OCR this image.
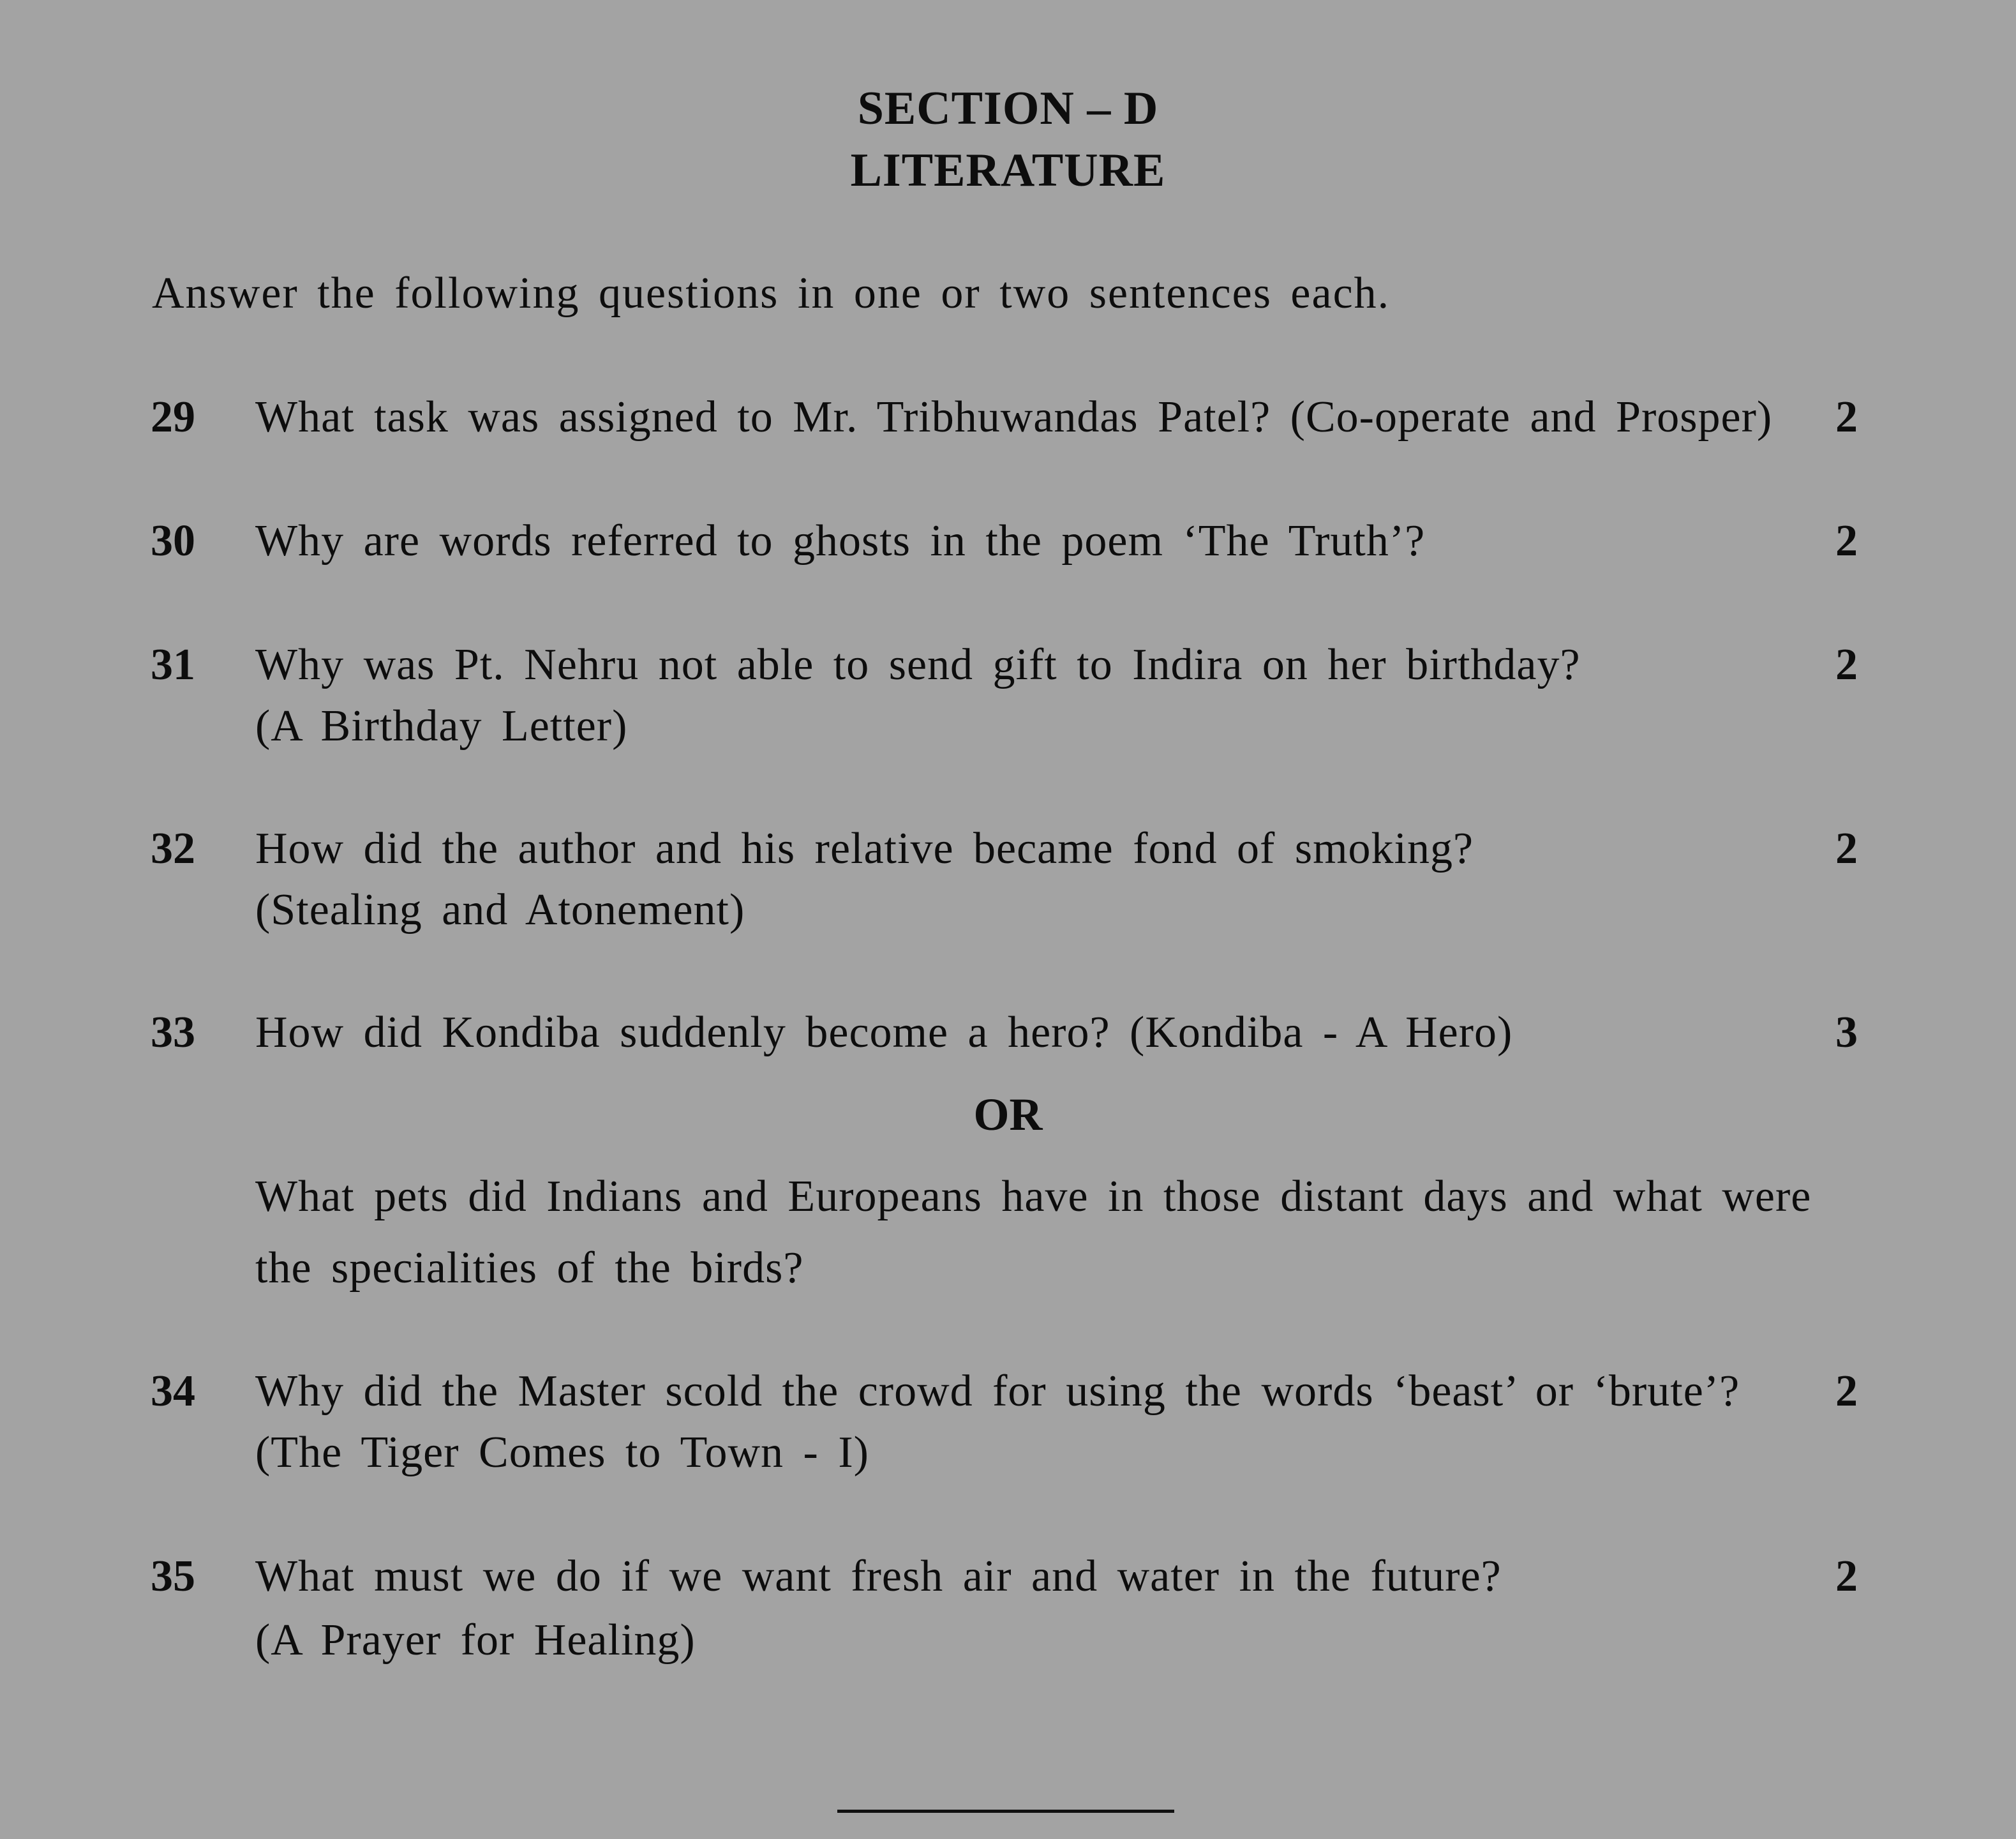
SECTION – D
LITERATURE
Answer the following questions in one or two sentences each.
29 What task was assigned to Mr. Tribhuwandas Patel? (Co-operate and Prosper) 2
30 Why are words referred to ghosts in the poem ‘The Truth’?	2
31 Why was Pt. Nehru not able to send gift to Indira on her birthday?
(A Birthday Letter)
2
32 How did the author and his relative became fond of smoking?
(Stealing and Atonement)
2
33 How did Kondiba suddenly become a hero? (Kondiba - A Hero)	3
OR
What pets did Indians and Europeans have in those distant days and what were
the specialities of the birds?
34 Why did the Master scold the crowd for using the words ‘beast’ or ‘brute’?
(The Tiger Comes to Town - I)
2
35 What must we do if we want fresh air and water in the future?
(A Prayer for Healing)
2
